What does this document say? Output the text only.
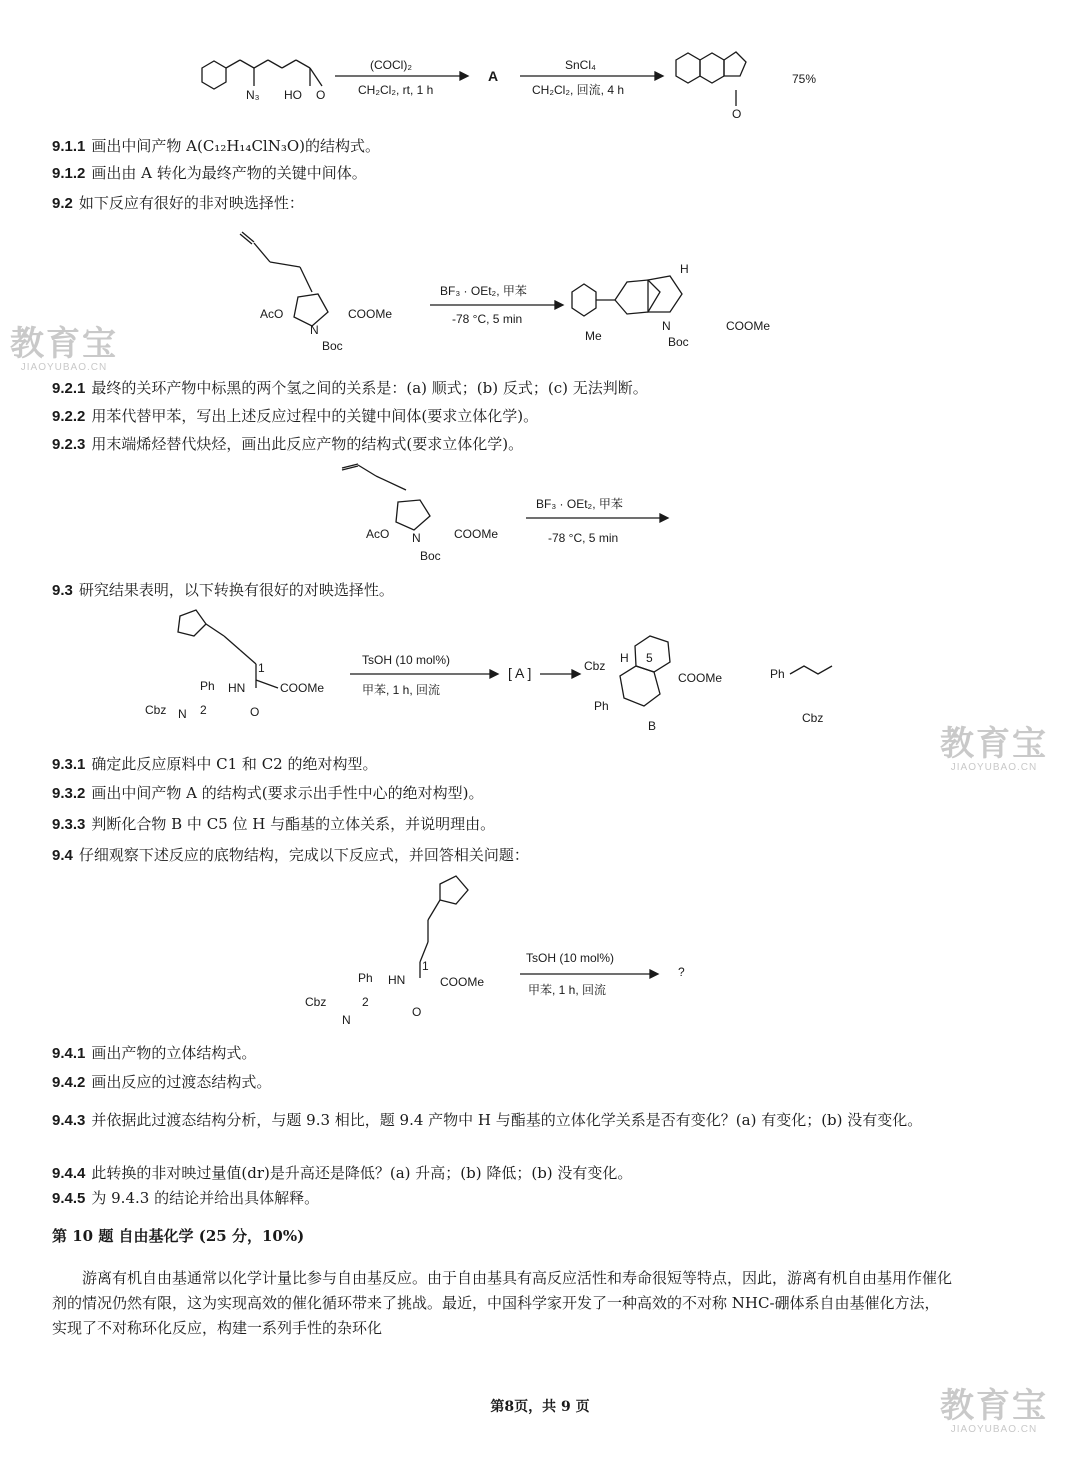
N₃ HO O
(COCl)₂
CH₂Cl₂, rt, 1 h
A
SnCl₄
CH₂Cl₂, 回流, 4 h
O
75%
9.1.1 画出中间产物 A(C₁₂H₁₄ClN₃O)的结构式。
9.1.2 画出由 A 转化为最终产物的关键中间体。
9.2 如下反应有很好的非对映选择性：
AcO
N
Boc
COOMe
BF₃ · OEt₂, 甲苯
-78 °C, 5 min
H
N
Boc
COOMe
Me
9.2.1 最终的关环产物中标黑的两个氢之间的关系是：(a) 顺式；(b) 反式；(c) 无法判断。
9.2.2 用苯代替甲苯，写出上述反应过程中的关键中间体(要求立体化学)。
9.2.3 用末端烯烃替代炔烃，画出此反应产物的结构式(要求立体化学)。
AcO N
Boc
COOMe
BF₃ · OEt₂, 甲苯
-78 °C, 5 min
9.3 研究结果表明，以下转换有很好的对映选择性。
1
COOMe
HN
Ph
Cbz N 2	O
TsOH (10 mol%)
甲苯, 1 h, 回流
[ A ]	Cbz
H 5
COOMe
Ph
B
Ph
Cbz
9.3.1 确定此反应原料中 C1 和 C2 的绝对构型。
9.3.2 画出中间产物 A 的结构式(要求示出手性中心的绝对构型)。
9.3.3 判断化合物 B 中 C5 位 H 与酯基的立体关系，并说明理由。
9.4 仔细观察下述反应的底物结构，完成以下反应式，并回答相关问题：
1
COOMe
HN
Ph
Cbz
N
2
O
TsOH (10 mol%)
甲苯, 1 h, 回流
?
9.4.1 画出产物的立体结构式。
9.4.2 画出反应的过渡态结构式。
9.4.3 并依据此过渡态结构分析，与题 9.3 相比，题 9.4 产物中 H 与酯基的立体化学关系是否有变化？(a) 有变化；(b) 没有变化。
9.4.4 此转换的非对映过量值(dr)是升高还是降低？(a) 升高；(b) 降低；(b) 没有变化。
9.4.5 为 9.4.3 的结论并给出具体解释。
第 10 题 自由基化学 (25 分，10%)
游离有机自由基通常以化学计量比参与自由基反应。由于自由基具有高反应活性和寿命很短等特点，因此，游离有机自由基用作催化剂的情况仍然有限，这为实现高效的催化循环带来了挑战。最近，中国科学家开发了一种高效的不对称 NHC-硼体系自由基催化方法，实现了不对称环化反应，构建一系列手性的杂环化
第8页，共 9 页
教育宝
JIAOYUBAO.CN
教育宝
JIAOYUBAO.CN
教育宝
JIAOYUBAO.CN
